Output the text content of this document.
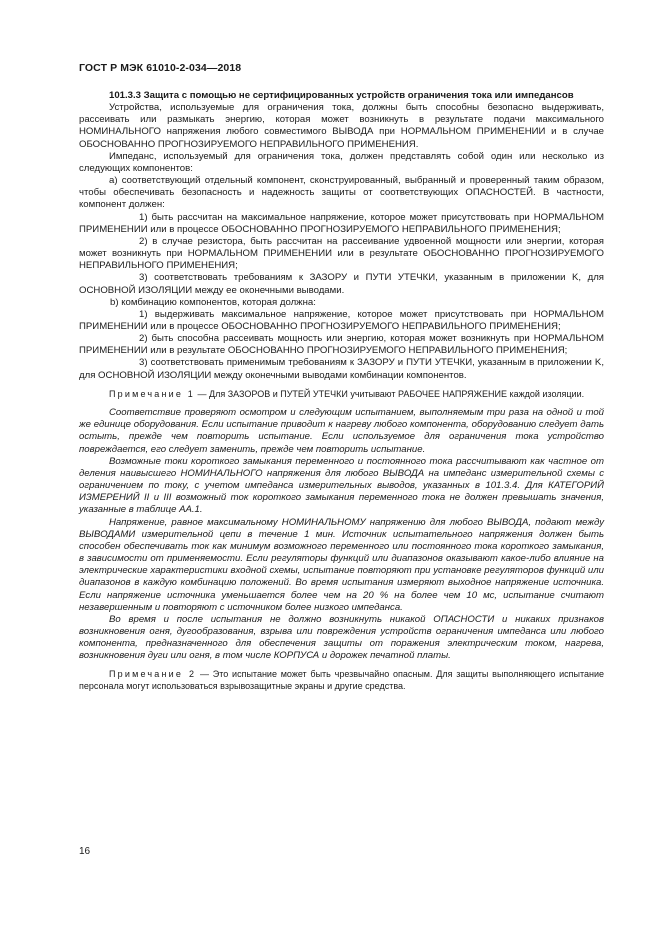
ГОСТ Р МЭК 61010-2-034—2018

101.3.3 Защита с помощью не сертифицированных устройств ограничения тока или импедансов

Устройства, используемые для ограничения тока, должны быть способны безопасно выдерживать, рассеивать или размыкать энергию, которая может возникнуть в результате подачи максимального НОМИНАЛЬНОГО напряжения любого совместимого ВЫВОДА при НОРМАЛЬНОМ ПРИМЕНЕНИИ и в случае ОБОСНОВАННО ПРОГНОЗИРУЕМОГО НЕПРАВИЛЬНОГО ПРИМЕНЕНИЯ.

Импеданс, используемый для ограничения тока, должен представлять собой один или несколько из следующих компонентов:

а) соответствующий отдельный компонент, сконструированный, выбранный и проверенный таким образом, чтобы обеспечивать безопасность и надежность защиты от соответствующих ОПАСНОСТЕЙ. В частности, компонент должен:

1) быть рассчитан на максимальное напряжение, которое может присутствовать при НОРМАЛЬНОМ ПРИМЕНЕНИИ или в процессе ОБОСНОВАННО ПРОГНОЗИРУЕМОГО НЕПРАВИЛЬНОГО ПРИМЕНЕНИЯ;

2) в случае резистора, быть рассчитан на рассеивание удвоенной мощности или энергии, которая может возникнуть при НОРМАЛЬНОМ ПРИМЕНЕНИИ или в результате ОБОСНОВАННО ПРОГНОЗИРУЕМОГО НЕПРАВИЛЬНОГО ПРИМЕНЕНИЯ;

3) соответствовать требованиям к ЗАЗОРУ и ПУТИ УТЕЧКИ, указанным в приложении K, для ОСНОВНОЙ ИЗОЛЯЦИИ между ее оконечными выводами.

b) комбинацию компонентов, которая должна:

1) выдерживать максимальное напряжение, которое может присутствовать при НОРМАЛЬНОМ ПРИМЕНЕНИИ или в процессе ОБОСНОВАННО ПРОГНОЗИРУЕМОГО НЕПРАВИЛЬНОГО ПРИМЕНЕНИЯ;

2) быть способна рассеивать мощность или энергию, которая может возникнуть при НОРМАЛЬНОМ ПРИМЕНЕНИИ или в результате ОБОСНОВАННО ПРОГНОЗИРУЕМОГО НЕПРАВИЛЬНОГО ПРИМЕНЕНИЯ;

3) соответствовать применимым требованиям к ЗАЗОРУ и ПУТИ УТЕЧКИ, указанным в приложении K, для ОСНОВНОЙ ИЗОЛЯЦИИ между оконечными выводами комбинации компонентов.

Примечание 1 — Для ЗАЗОРОВ и ПУТЕЙ УТЕЧКИ учитывают РАБОЧЕЕ НАПРЯЖЕНИЕ каждой изоляции.

Соответствие проверяют осмотром и следующим испытанием, выполняемым три раза на одной и той же единице оборудования. Если испытание приводит к нагреву любого компонента, оборудованию следует дать остыть, прежде чем повторить испытание. Если используемое для ограничения тока устройство повреждается, его следует заменить, прежде чем повторить испытание.

Возможные токи короткого замыкания переменного и постоянного тока рассчитывают как частное от деления наивысшего НОМИНАЛЬНОГО напряжения для любого ВЫВОДА на импеданс измерительной схемы с ограничением по току, с учетом импеданса измерительных выводов, указанных в 101.3.4. Для КАТЕГОРИЙ ИЗМЕРЕНИЙ II и III возможный ток короткого замыкания переменного тока не должен превышать значения, указанные в таблице АА.1.

Напряжение, равное максимальному НОМИНАЛЬНОМУ напряжению для любого ВЫВОДА, подают между ВЫВОДАМИ измерительной цепи в течение 1 мин. Источник испытательного напряжения должен быть способен обеспечивать ток как минимум возможного переменного или постоянного тока короткого замыкания, в зависимости от применяемости. Если регуляторы функций или диапазонов оказывают какое-либо влияние на электрические характеристики входной схемы, испытание повторяют при установке регуляторов функций или диапазонов в каждую комбинацию положений. Во время испытания измеряют выходное напряжение источника. Если напряжение источника уменьшается более чем на 20 % на более чем 10 мс, испытание считают незавершенным и повторяют с источником более низкого импеданса.

Во время и после испытания не должно возникнуть никакой ОПАСНОСТИ и никаких признаков возникновения огня, дугообразования, взрыва или повреждения устройств ограничения импеданса или любого компонента, предназначенного для обеспечения защиты от поражения электрическим током, нагрева, возникновения дуги или огня, в том числе КОРПУСА и дорожек печатной платы.

Примечание 2 — Это испытание может быть чрезвычайно опасным. Для защиты выполняющего испытание персонала могут использоваться взрывозащитные экраны и другие средства.

16
